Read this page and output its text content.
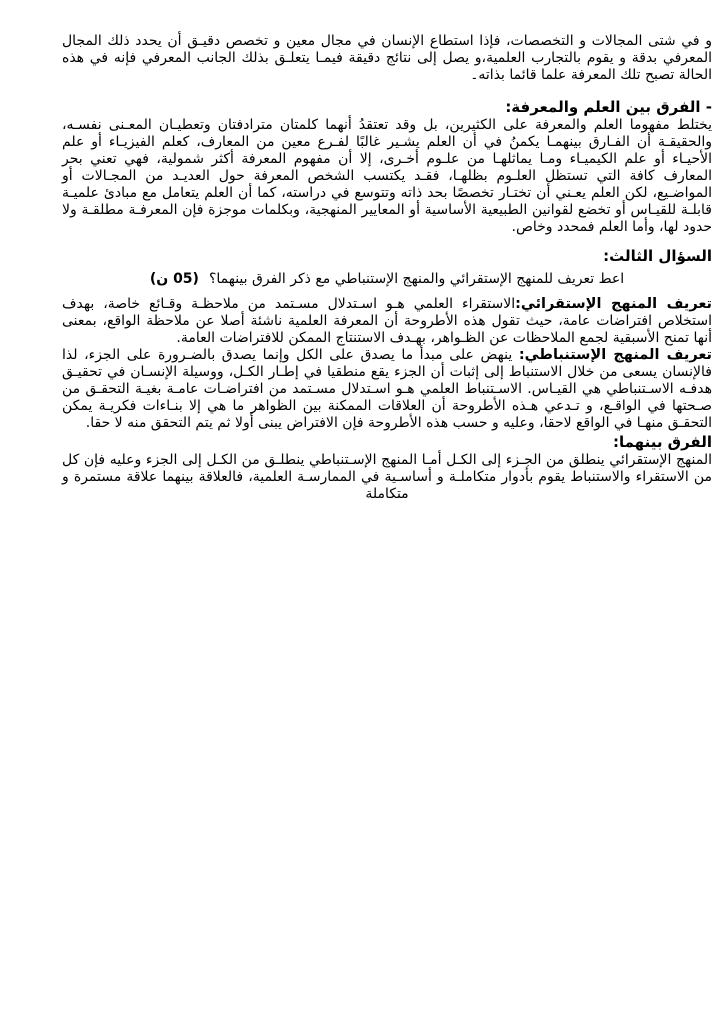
و في شتى المجالات و التخصصات، فإذا استطاع الإنسان في مجال معين و تخصص دقيـق أن يحدد ذلك المجال المعرفي بدقة و يقوم بالتجارب العلمية،و يصل إلى نتائج دقيقة فيمـا يتعلـق بذلك الجانب المعرفي فإنه في هذه الحالة تصبح تلك المعرفة علما قائما بذاته۔

- الفرق بين العلم والمعرفة:

يختلط مفهوما العلم والمعرفة على الكثيرين، بل وقد تعتقدُ أنهما كلمتان مترادفتان وتعطيـان المعـنى نفسـه، والحقيقـة أن الفـارق بينهمـا يكمنُ في أن العلم يشـير غالبًا لفـرع معين من المعارف، كعلم الفيزيـاء أو علم الأحيـاء أو علم الكيميـاء ومـا يماثلهـا من علـوم أخـرى، إلا أن مفهوم المعرفة أكثر شمولية، فهي تعني بحر المعارف كافة التي تستظل العلـوم بظلهـا، فقـد يكتسب الشخص المعرفة حول العديـد من المجـالات أو المواضـيع، لكن العلم يعـني أن تختـار تخصصًا بحد ذاته وتتوسع في دراسته، كما أن العلم يتعامل مع مبادئ علميـة قابلـة للقيـاس أو تخضع لقوانين الطبيعية الأساسية أو المعايير المنهجية، وبكلمات موجزة فإن المعرفـة مطلقـة ولا حدود لها، وأما العلم فمحدد وخاص.

السؤال الثالث:

اعط تعريف للمنهج الإستقرائي والمنهج الإستنباطي مع ذكر الفرق بينهما؟(05 ن)

تعريف المنهج الإستقرائي:الاستقراء العلمي هـو اسـتدلال مسـتمد من ملاحظـة وقـائع خاصة، بهدف استخلاص افتراضات عامة، حيث تقول هذه الأطروحة أن المعرفة العلمية ناشئة أصلا عن ملاحظة الواقع، بمعنى أنها تمنح الأسبقية لجمع الملاحظات عن الظـواهر، بهـدف الاستنتاج الممكن للافتراضات العامة.

تعريف المنهج الإستنباطي: ينهض على مبدأ ما يصدق على الكل وإنما يصدق بالضـرورة على الجزء، لذا فالإنسان يسعى من خلال الاستنباط إلى إثبات أن الجزء يقع منطقيا في إطـار الكـل، ووسيلة الإنسـان في تحقيـق هدفـه الاسـتنباطي هي القيـاس. الاسـتنباط العلمي هـو اسـتدلال مسـتمد من افتراضـات عامـة بغيـة التحقـق من صـحتها في الواقـع، و تـدعي هـذه الأطروحة أن العلاقات الممكنة بين الظواهر ما هي إلا بنـاءات فكريـة يمكن التحقـق منهـا في الواقع لاحقا، وعليه و حسب هذه الأطروحة فإن الافتراض يبنى أولا ثم يتم التحقق منه لا حقا.

الفرق بينهما:

المنهج الإستقرائي ينطلق من الجـزء إلى الكـل أمـا المنهج الإسـتنباطي ينطلـق من الكـل إلى الجزء وعليه فإن كل من الاستقراء والاستنباط يقوم بأدوار متكاملـة و أساسـية في الممارسـة العلمية، فالعلاقة بينهما علاقة مستمرة و متكاملة
